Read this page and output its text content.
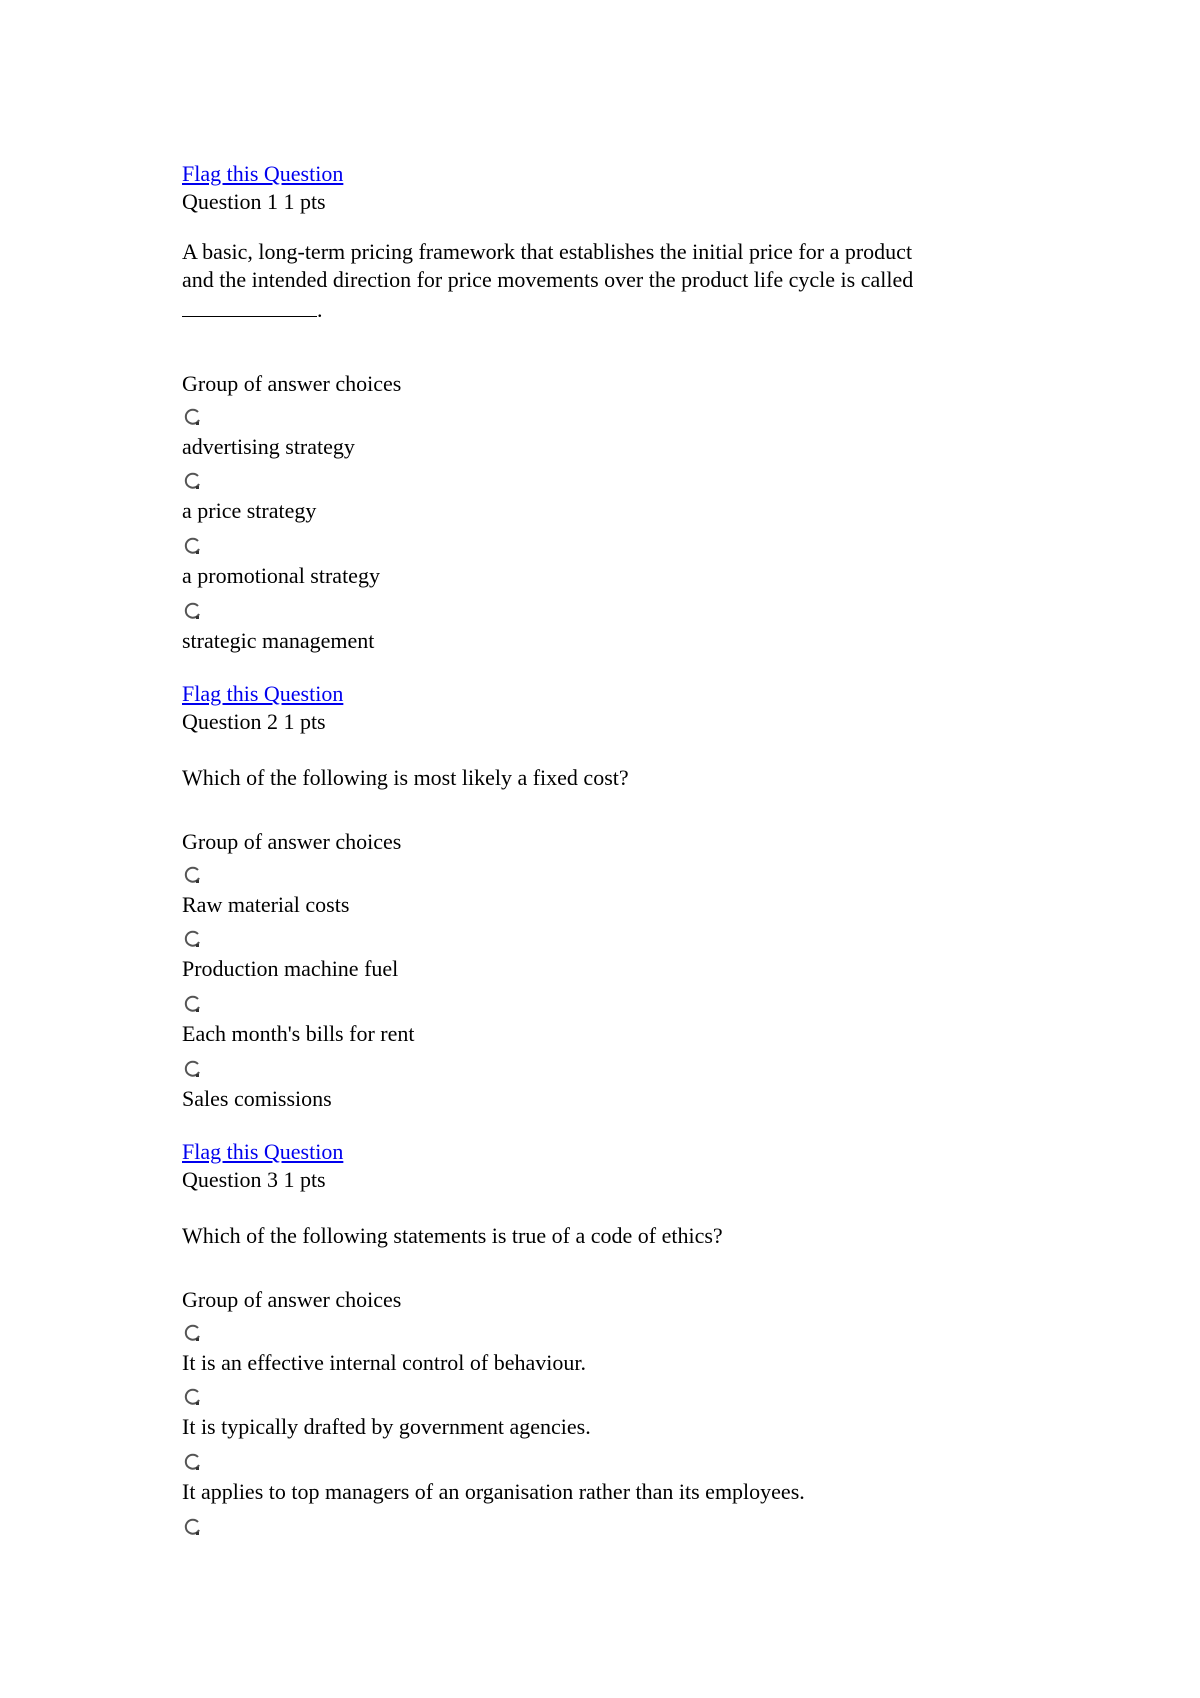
Flag this Question
Question 1 1 pts
A basic, long-term pricing framework that establishes the initial price for a product
and the intended direction for price movements over the product life cycle is called
.
Group of answer choices
advertising strategy
a price strategy
a promotional strategy
strategic management
Flag this Question
Question 2 1 pts
Which of the following is most likely a fixed cost?
Group of answer choices
Raw material costs
Production machine fuel
Each month's bills for rent
Sales comissions
Flag this Question
Question 3 1 pts
Which of the following statements is true of a code of ethics?
Group of answer choices
It is an effective internal control of behaviour.
It is typically drafted by government agencies.
It applies to top managers of an organisation rather than its employees.
